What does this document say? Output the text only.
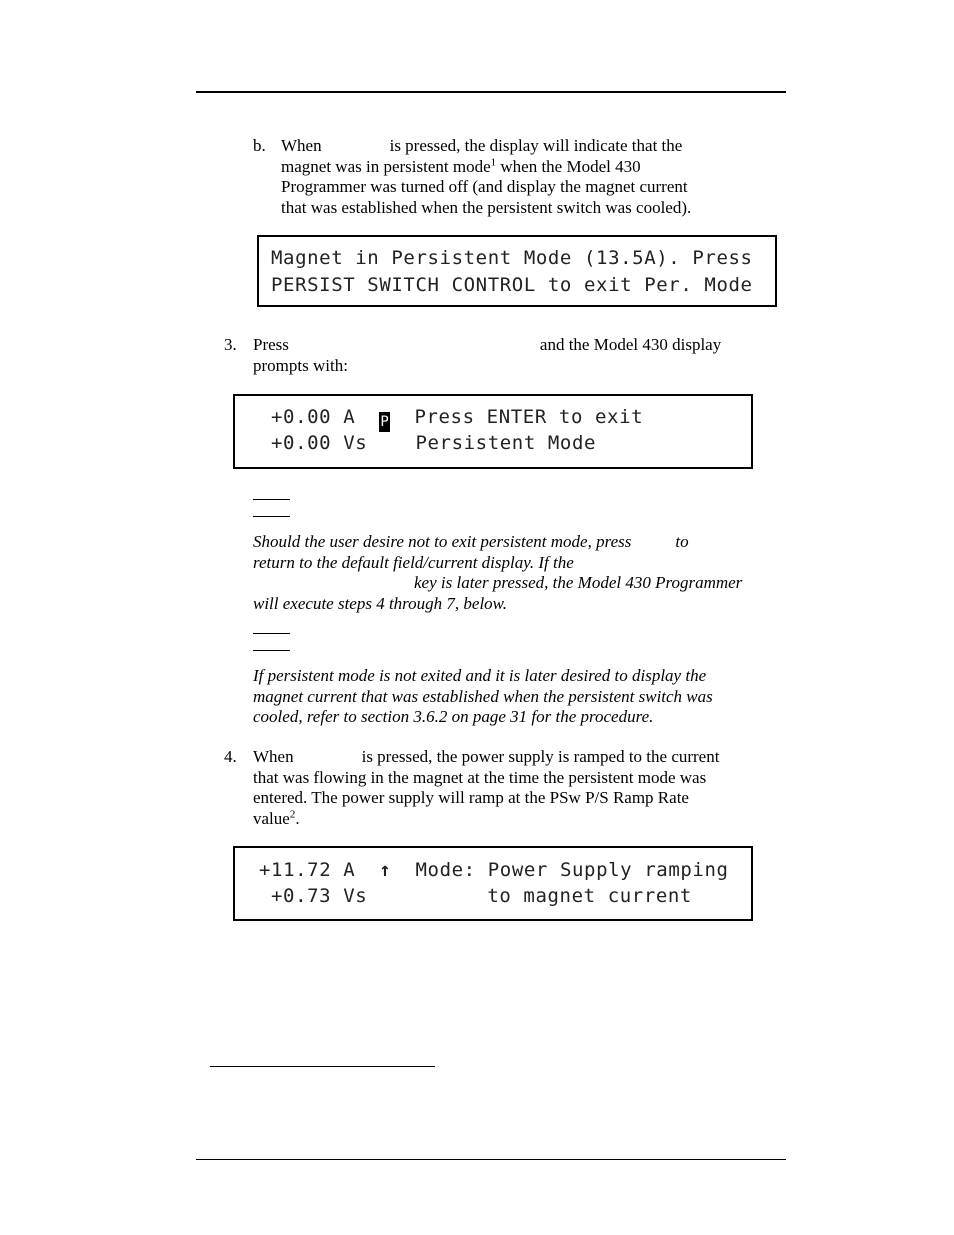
b. When	is pressed, the display will indicate that the
magnet was in persistent mode$^1$ when the Model 430
Programmer was turned off (and display the magnet current
that was established when the persistent switch was cooled).
Magnet in Persistent Mode (13.5A). Press
PERSIST SWITCH CONTROL to exit Per. Mode
3. Press	and the Model 430 display
prompts with:
+0.00 A P Press ENTER to exit
+0.00 Vs    Persistent Mode
Should the user desire not to exit persistent mode, press	to
return to the default field/current display. If the
key is later pressed, the Model 430 Programmer
will execute steps 4 through 7, below.
If persistent mode is not exited and it is later desired to display the
magnet current that was established when the persistent switch was
cooled, refer to section 3.6.2 on page 31 for the procedure.
4. When	is pressed, the power supply is ramped to the current
that was flowing in the magnet at the time the persistent mode was
entered. The power supply will ramp at the PSw P/S Ramp Rate
value$^2$.
+11.72 A ↑ Mode: Power Supply ramping
+0.73 Vs	to magnet current
